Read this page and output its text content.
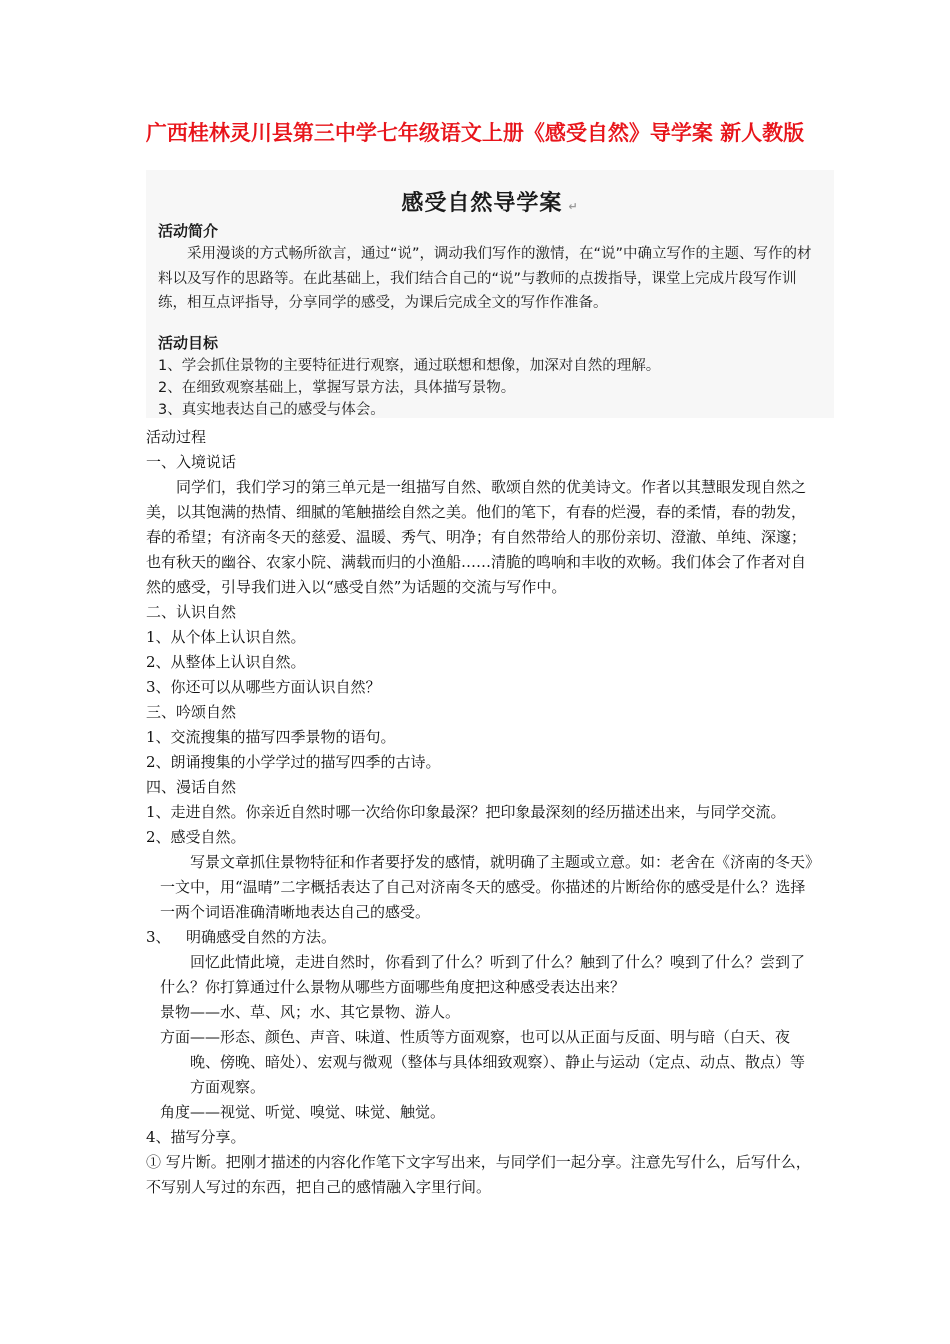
广西桂林灵川县第三中学七年级语文上册《感受自然》导学案 新人教版
感受自然导学案 ↵
活动简介
采用漫谈的方式畅所欲言，通过“说”，调动我们写作的激情，在“说”中确立写作的主题、写作的材料以及写作的思路等。在此基础上，我们结合自己的“说”与教师的点拨指导，课堂上完成片段写作训练，相互点评指导，分享同学的感受，为课后完成全文的写作作准备。
活动目标
1、学会抓住景物的主要特征进行观察，通过联想和想像，加深对自然的理解。
2、在细致观察基础上，掌握写景方法，具体描写景物。
3、真实地表达自己的感受与体会。

活动过程

一、入境说话

同学们，我们学习的第三单元是一组描写自然、歌颂自然的优美诗文。作者以其慧眼发现自然之美，以其饱满的热情、细腻的笔触描绘自然之美。他们的笔下，有春的烂漫，春的柔情，春的勃发，春的希望；有济南冬天的慈爱、温暖、秀气、明净；有自然带给人的那份亲切、澄澈、单纯、深邃；也有秋天的幽谷、农家小院、满载而归的小渔船……清脆的鸣响和丰收的欢畅。我们体会了作者对自然的感受，引导我们进入以“感受自然”为话题的交流与写作中。

二、认识自然

1、从个体上认识自然。

2、从整体上认识自然。

3、你还可以从哪些方面认识自然？

三、吟颂自然

1、交流搜集的描写四季景物的语句。

2、朗诵搜集的小学学过的描写四季的古诗。

四、漫话自然

1、走进自然。你亲近自然时哪一次给你印象最深？把印象最深刻的经历描述出来，与同学交流。

2、感受自然。

写景文章抓住景物特征和作者要抒发的感情，就明确了主题或立意。如：老舍在《济南的冬天》一文中，用“温晴”二字概括表达了自己对济南冬天的感受。你描述的片断给你的感受是什么？选择一两个词语准确清晰地表达自己的感受。

3、 明确感受自然的方法。

回忆此情此境，走进自然时，你看到了什么？听到了什么？触到了什么？嗅到了什么？尝到了什么？你打算通过什么景物从哪些方面哪些角度把这种感受表达出来？

景物——水、草、风；水、其它景物、游人。

方面——形态、颜色、声音、味道、性质等方面观察，也可以从正面与反面、明与暗（白天、夜晚、傍晚、暗处）、宏观与微观（整体与具体细致观察）、静止与运动（定点、动点、散点）等方面观察。

角度——视觉、听觉、嗅觉、味觉、触觉。

4、描写分享。

① 写片断。把刚才描述的内容化作笔下文字写出来，与同学们一起分享。注意先写什么，后写什么，不写别人写过的东西，把自己的感情融入字里行间。
